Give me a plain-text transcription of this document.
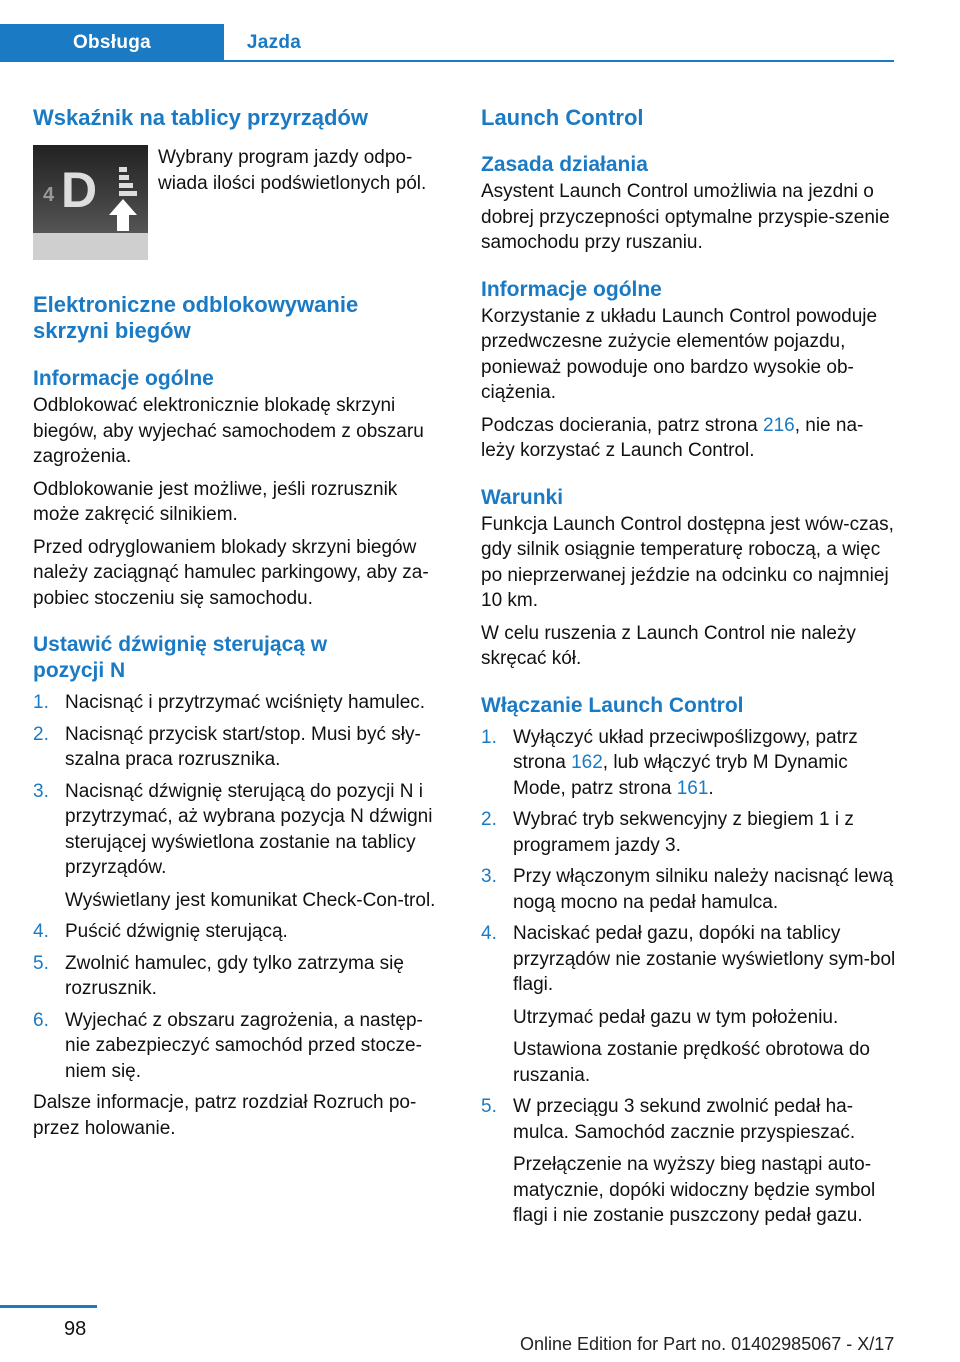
Obsługa	Jazda
Wskaźnik na tablicy przyrządów
4 D

Wybrany program jazdy odpo-wiada ilości podświetlonych pól.

Elektroniczne odblokowywanie skrzyni biegów
Informacje ogólne

Odblokować elektronicznie blokadę skrzyni biegów, aby wyjechać samochodem z obszaru zagrożenia.

Odblokowanie jest możliwe, jeśli rozrusznik może zakręcić silnikiem.

Przed odryglowaniem blokady skrzyni biegów należy zaciągnąć hamulec parkingowy, aby za-pobiec stoczeniu się samochodu.

Ustawić dźwignię sterującą w pozycji N
1. Nacisnąć i przytrzymać wciśnięty hamulec.
2. Nacisnąć przycisk start/stop. Musi być sły-szalna praca rozrusznika.
3. Nacisnąć dźwignię sterującą do pozycji N i przytrzymać, aż wybrana pozycja N dźwigni sterującej wyświetlona zostanie na tablicy przyrządów.
Wyświetlany jest komunikat Check-Con-trol.
4. Puścić dźwignię sterującą.
5. Zwolnić hamulec, gdy tylko zatrzyma się rozrusznik.
6. Wyjechać z obszaru zagrożenia, a następ-nie zabezpieczyć samochód przed stocze-niem się.

Dalsze informacje, patrz rozdział Rozruch po-przez holowanie.

Launch Control
Zasada działania

Asystent Launch Control umożliwia na jezdni o dobrej przyczepności optymalne przyspie-szenie samochodu przy ruszaniu.

Informacje ogólne

Korzystanie z układu Launch Control powoduje przedwczesne zużycie elementów pojazdu, ponieważ powoduje ono bardzo wysokie ob-ciążenia.

Podczas docierania, patrz strona 216, nie na-leży korzystać z Launch Control.

Warunki

Funkcja Launch Control dostępna jest wów-czas, gdy silnik osiągnie temperaturę roboczą, a więc po nieprzerwanej jeździe na odcinku co najmniej 10 km.

W celu ruszenia z Launch Control nie należy skręcać kół.

Włączanie Launch Control
1. Wyłączyć układ przeciwpoślizgowy, patrz strona 162, lub włączyć tryb M Dynamic Mode, patrz strona 161.
2. Wybrać tryb sekwencyjny z biegiem 1 i z programem jazdy 3.
3. Przy włączonym silniku należy nacisnąć lewą nogą mocno na pedał hamulca.
4. Naciskać pedał gazu, dopóki na tablicy przyrządów nie zostanie wyświetlony sym-bol flagi.
Utrzymać pedał gazu w tym położeniu.
Ustawiona zostanie prędkość obrotowa do ruszania.
5. W przeciągu 3 sekund zwolnić pedał ha-mulca. Samochód zacznie przyspieszać.
Przełączenie na wyższy bieg nastąpi auto-matycznie, dopóki widoczny będzie symbol flagi i nie zostanie puszczony pedał gazu.
98
Online Edition for Part no. 01402985067 - X/17
